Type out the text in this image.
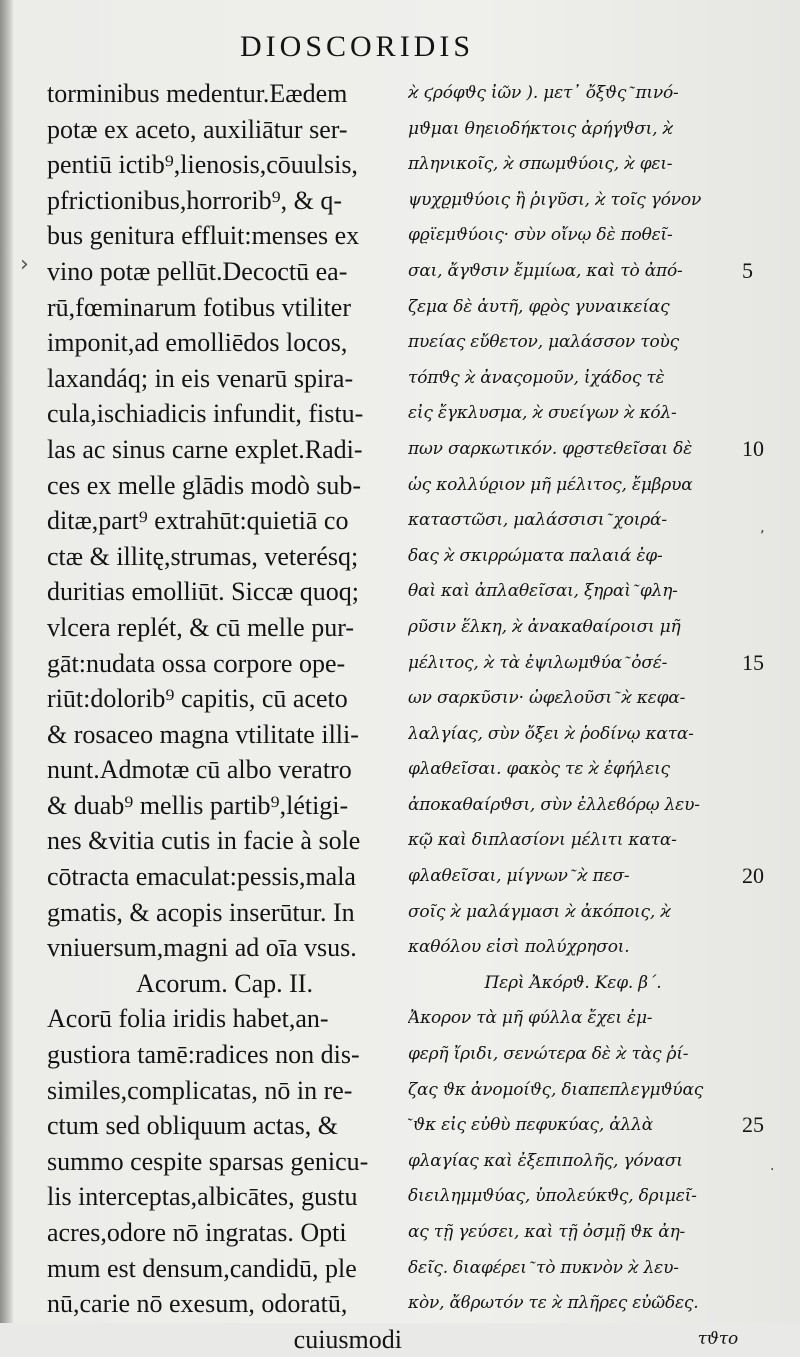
DIOSCORIDIS
torminibus medentur.Eædem
potæ ex aceto, auxiliātur ser-
pentiū ictib⁹,lienosis,cōuulsis,
pfrictionibus,horrorib⁹, & q-
bus genitura effluit:menses ex
vino potæ pellūt.Decoctū ea-
rū,fœminarum fotibus vtiliter
imponit,ad emolliēdos locos,
laxandáq; in eis venarū spira-
cula,ischiadicis infundit, fistu-
las ac sinus carne explet.Radi-
ces ex melle glādis modò sub-
ditæ,part⁹ extrahūt:quietiā co
ctæ & illitę,strumas, veterésq;
duritias emolliūt. Siccæ quoq;
vlcera replét, & cū melle pur-
gāt:nudata ossa corpore ope-
riūt:dolorib⁹ capitis, cū aceto
& rosaceo magna vtilitate illi-
nunt.Admotæ cū albo veratro
& duab⁹ mellis partib⁹,létigi-
nes &vitia cutis in facie à sole
cōtracta emaculat:pessis,mala
gmatis, & acopis inserūtur. In
vniuersum,magni ad oīa vsus.
Acorum. Cap. II.
Acorū folia iridis habet,an-
gustiora tamē:radices non dis-
similes,complicatas, nō in re-
ctum sed obliquum actas, &
summo cespite sparsas genicu-
lis interceptas,albicātes, gustu
acres,odore nō ingratas. Opti
mum est densum,candidū, ple
nū,carie nō exesum, odoratū,
cuiusmodi
ϰ̀ ϛρόφϑς ἰῶν ). μετ᾽ ὄξϑς ͂ πινό-
μϑμαι θηειοδήκτοις ἀρήγϑσι, ϰ̀
πληνικοῖς, ϰ̀ σπωμϑύοις, ϰ̀ φει-
ψυχϱμϑύοις ἢ ῥιγῦσι, ϰ̀ τοῖς γόνον
φϱϊεμϑύοις· σὺν οἴνῳ δὲ ποθεῖ-
σαι, ἄγϑσιν ἔμμίωα, καὶ τὸ ἀπό-
ζεμα δὲ ἀυτῆ, φϱὸς γυναικείας
πυείας εὔθετον, μαλάσσον τοὺς
τόπϑς ϰ̀ ἀναςομοῦν, ἰχάδος τὲ
εἰς ἔγκλυσμα, ϰ̀ συείγων ϰ̀ κόλ-
πων σαρκωτικόν. φϱστεθεῖσαι δὲ
ὡς κολλύϱιον μῆ μέλιτος, ἔμβρυα
καταστῶσι, μαλάσσισι ͂ χοιρά-
δας ϰ̀ σκιρρώματα παλαιά ἐφ-
θαὶ καὶ ἀπλαθεῖσαι, ξηραὶ ͂ φλη-
ρῦσιν ἕλκη, ϰ̀ ἀνακαθαίροισι μῆ
μέλιτος, ϰ̀ τὰ ἐψιλωμϑύα ͂ ὀσέ-
ων σαρκῦσιν· ὠφελοῦσι ͂ ϰ̀ κεφα-
λαλγίας, σὺν ὄξει ϰ̀ ῥοδίνῳ κατα-
φλαθεῖσαι. φακὸς τε ϰ̀ ἐφήλεις
ἀποκαθαίρϑσι, σὺν ἐλλεϐόρῳ λευ-
κῷ καὶ διπλασίονι μέλιτι κατα-
φλαθεῖσαι, μίγνων ͂ ϰ̀ πεσ-
σοῖς ϰ̀ μαλάγμασι ϰ̀ ἀκόποις, ϰ̀
καθόλου εἰσὶ πολύχρησοι.
Περὶ Ἀκόρϑ. Κεφ. β΄.
Ἀκορον τὰ μῆ φύλλα ἔχει ἐμ-
φερῆ ἴριδι, σενώτερα δὲ ϰ̀ τὰς ῥί-
ζας ϑκ ἀνομοίϑς, διαπεπλεγμϑύας
͂ ϑκ εἰς εὐθὺ πεφυκύας, ἀλλὰ
φλαγίας καὶ ἐξεπιπολῆς, γόνασι
διειλημμϑύας, ὑπολεύκϑς, δριμεῖ-
ας τῇ γεύσει, καὶ τῇ ὀσμῇ ϑκ ἀη-
δεῖς. διαφέρει ͂ τὸ πυκνὸν ϰ̀ λευ-
κὸν, ἄϐρωτόν τε ϰ̀ πλῆρες εὐῶδες.
τϑτο
5
10
15
20
25
›
‚
·
